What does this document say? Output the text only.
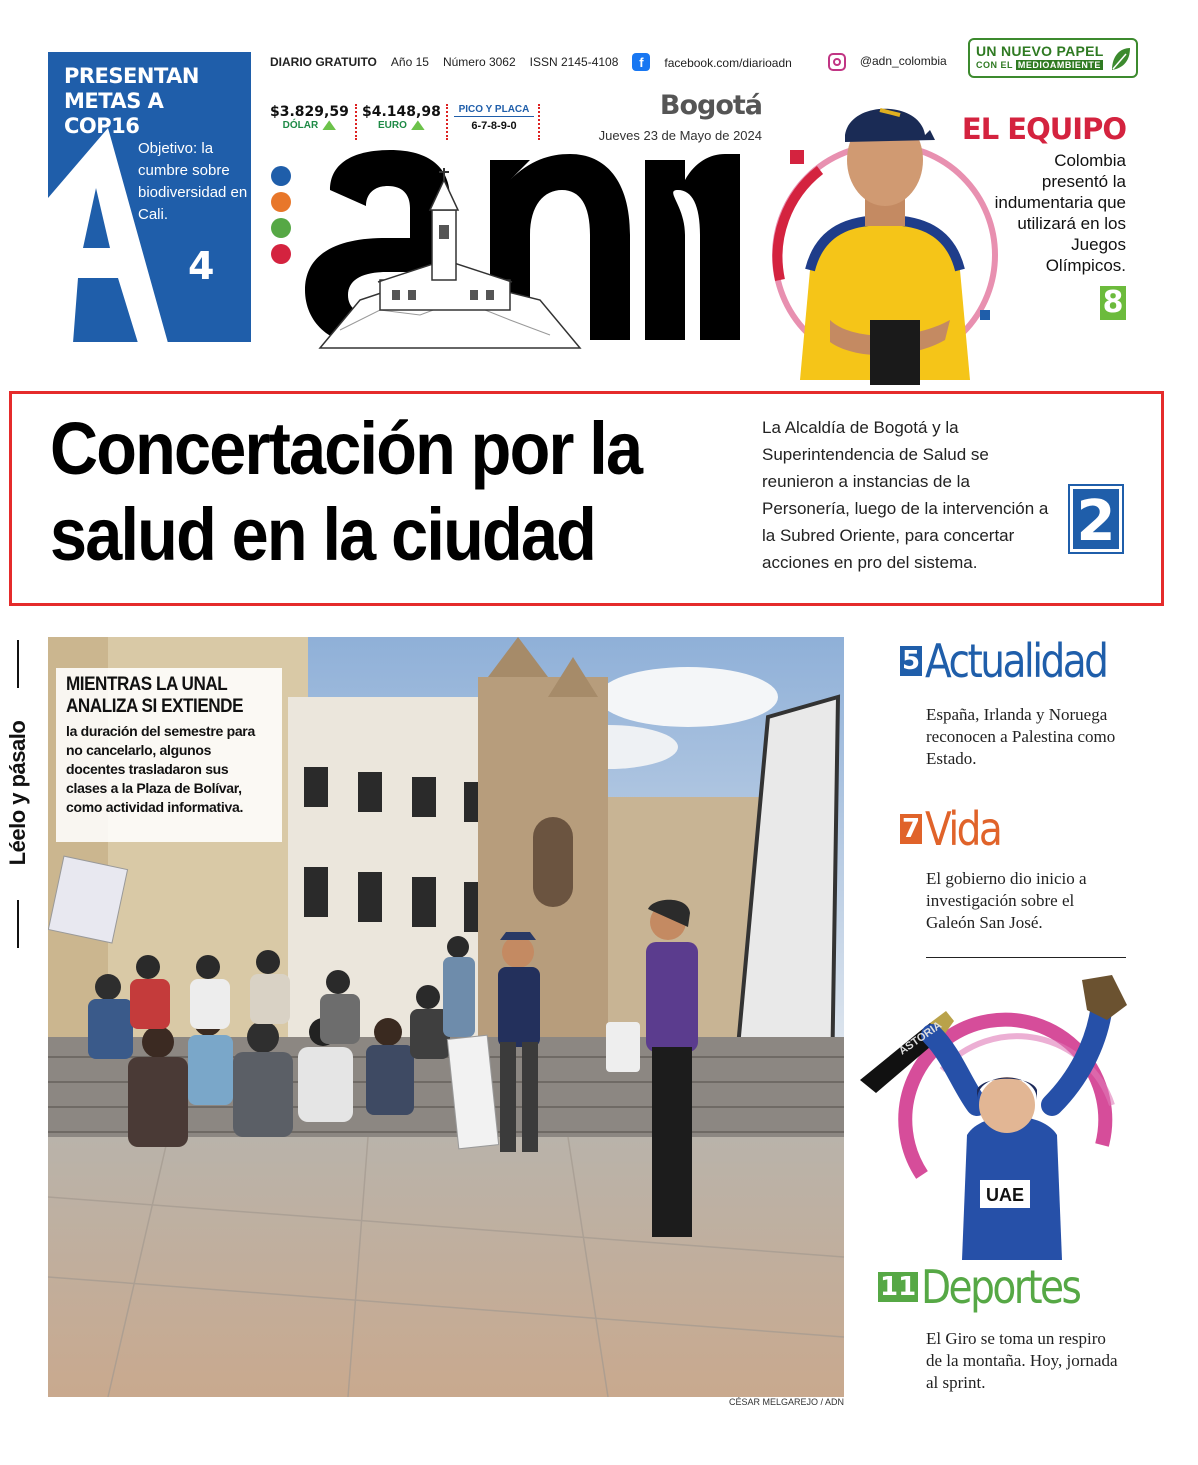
PRESENTAN METAS A COP16
Objetivo: la cumbre sobre biodiversidad en Cali.
4
DIARIO GRATUITO Año 15 Número 3062 ISSN 2145-4108	f facebook.com/diarioadn	@adn_colombia
UN NUEVO PAPEL
CON EL MEDIOAMBIENTE
$3.829,59
DÓLAR
$4.148,98
EURO
PICO Y PLACA
6-7-8-9-0
Bogotá
Jueves 23 de Mayo de 2024	EL EQUIPO
Colombia presentó la indumentaria que utilizará en los Juegos Olímpicos.
8
Concertación por la salud en la ciudad
La Alcaldía de Bogotá y la Superintendencia de Salud se reunieron a instancias de la Personería, luego de la intervención a la Subred Oriente, para concertar acciones en pro del sistema.
2
Léelo y pásalo
MIENTRAS LA UNAL ANALIZA SI EXTIENDE
la duración del semestre para no cancelarlo, algunos docentes trasladaron sus clases a la Plaza de Bolívar, como actividad informativa.
CÉSAR MELGAREJO / ADN
5 Actualidad
España, Irlanda y Noruega reconocen a Palestina como Estado.
7 Vida
El gobierno dio inicio a investigación sobre el Galeón San José.
UAE
ASTORIA
11 Deportes
El Giro se toma un respiro de la montaña. Hoy, jornada al sprint.
